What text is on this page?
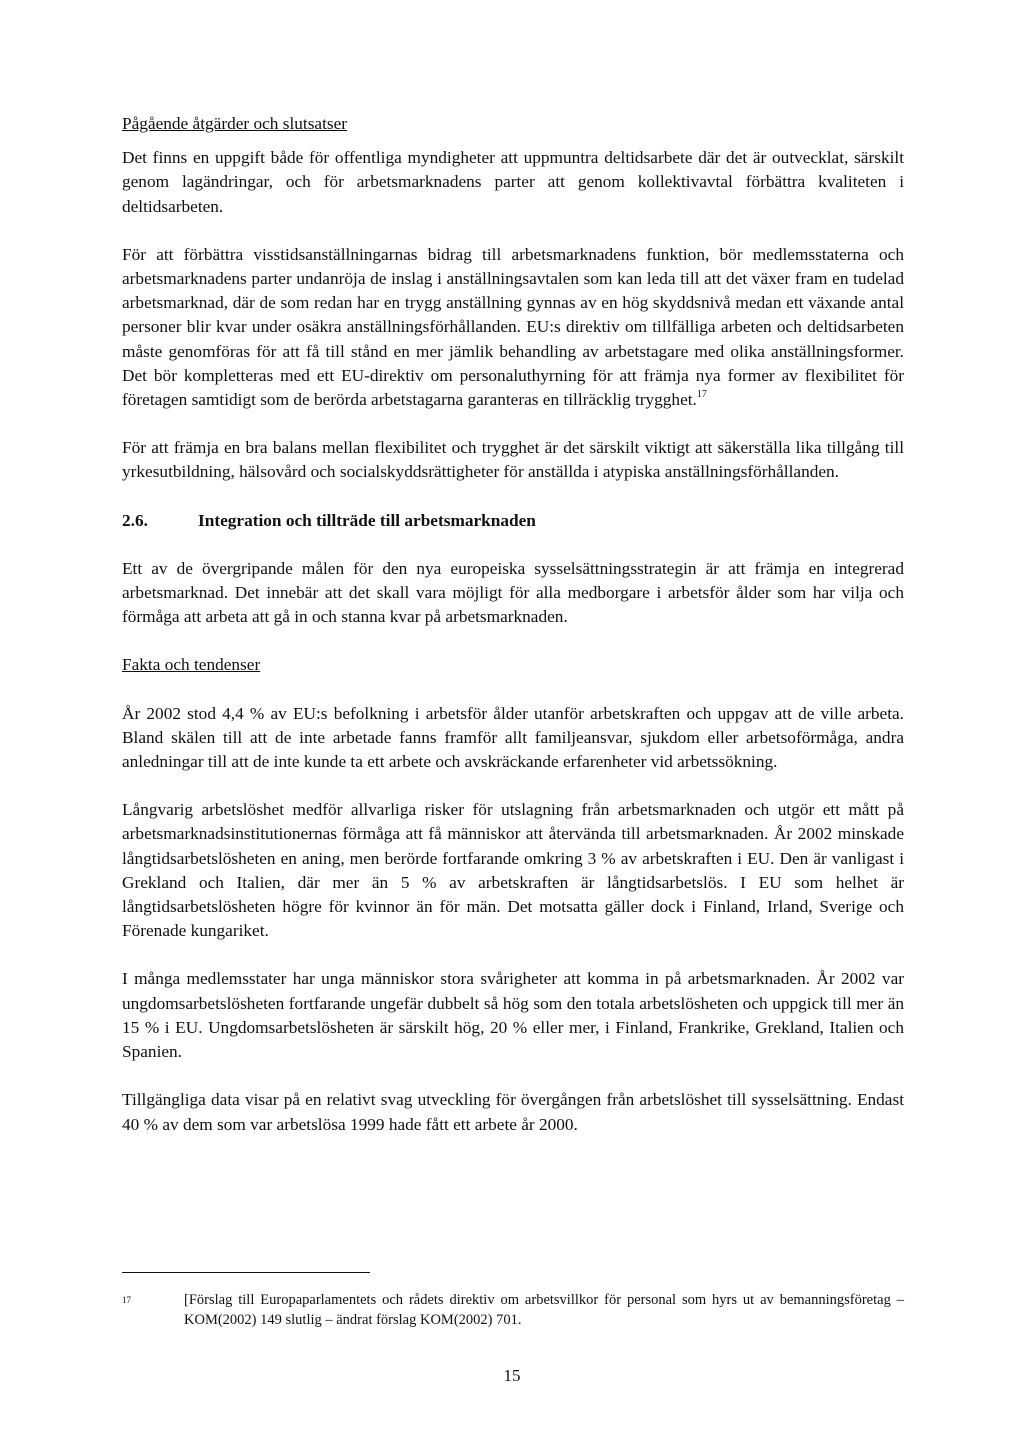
Pågående åtgärder och slutsatser

Det finns en uppgift både för offentliga myndigheter att uppmuntra deltidsarbete där det är outvecklat, särskilt genom lagändringar, och för arbetsmarknadens parter att genom kollektivavtal förbättra kvaliteten i deltidsarbeten.

För att förbättra visstidsanställningarnas bidrag till arbetsmarknadens funktion, bör medlemsstaterna och arbetsmarknadens parter undanröja de inslag i anställningsavtalen som kan leda till att det växer fram en tudelad arbetsmarknad, där de som redan har en trygg anställning gynnas av en hög skyddsnivå medan ett växande antal personer blir kvar under osäkra anställningsförhållanden. EU:s direktiv om tillfälliga arbeten och deltidsarbeten måste genomföras för att få till stånd en mer jämlik behandling av arbetstagare med olika anställningsformer. Det bör kompletteras med ett EU-direktiv om personaluthyrning för att främja nya former av flexibilitet för företagen samtidigt som de berörda arbetstagarna garanteras en tillräcklig trygghet.$^{17}$

För att främja en bra balans mellan flexibilitet och trygghet är det särskilt viktigt att säkerställa lika tillgång till yrkesutbildning, hälsovård och socialskyddsrättigheter för anställda i atypiska anställningsförhållanden.

2.6.	Integration och tillträde till arbetsmarknaden

Ett av de övergripande målen för den nya europeiska sysselsättningsstrategin är att främja en integrerad arbetsmarknad. Det innebär att det skall vara möjligt för alla medborgare i arbetsför ålder som har vilja och förmåga att arbeta att gå in och stanna kvar på arbetsmarknaden.

Fakta och tendenser

År 2002 stod 4,4 % av EU:s befolkning i arbetsför ålder utanför arbetskraften och uppgav att de ville arbeta. Bland skälen till att de inte arbetade fanns framför allt familjeansvar, sjukdom eller arbetsoförmåga, andra anledningar till att de inte kunde ta ett arbete och avskräckande erfarenheter vid arbetssökning.

Långvarig arbetslöshet medför allvarliga risker för utslagning från arbetsmarknaden och utgör ett mått på arbetsmarknadsinstitutionernas förmåga att få människor att återvända till arbetsmarknaden. År 2002 minskade långtidsarbetslösheten en aning, men berörde fortfarande omkring 3 % av arbetskraften i EU. Den är vanligast i Grekland och Italien, där mer än 5 % av arbetskraften är långtidsarbetslös. I EU som helhet är långtidsarbetslösheten högre för kvinnor än för män. Det motsatta gäller dock i Finland, Irland, Sverige och Förenade kungariket.

I många medlemsstater har unga människor stora svårigheter att komma in på arbetsmarknaden. År 2002 var ungdomsarbetslösheten fortfarande ungefär dubbelt så hög som den totala arbetslösheten och uppgick till mer än 15 % i EU. Ungdomsarbetslösheten är särskilt hög, 20 % eller mer, i Finland, Frankrike, Grekland, Italien och Spanien.

Tillgängliga data visar på en relativt svag utveckling för övergången från arbetslöshet till sysselsättning. Endast 40 % av dem som var arbetslösa 1999 hade fått ett arbete år 2000.

17	[Förslag till Europaparlamentets och rådets direktiv om arbetsvillkor för personal som hyrs ut av bemanningsföretag – KOM(2002) 149 slutlig – ändrat förslag KOM(2002) 701.
15
